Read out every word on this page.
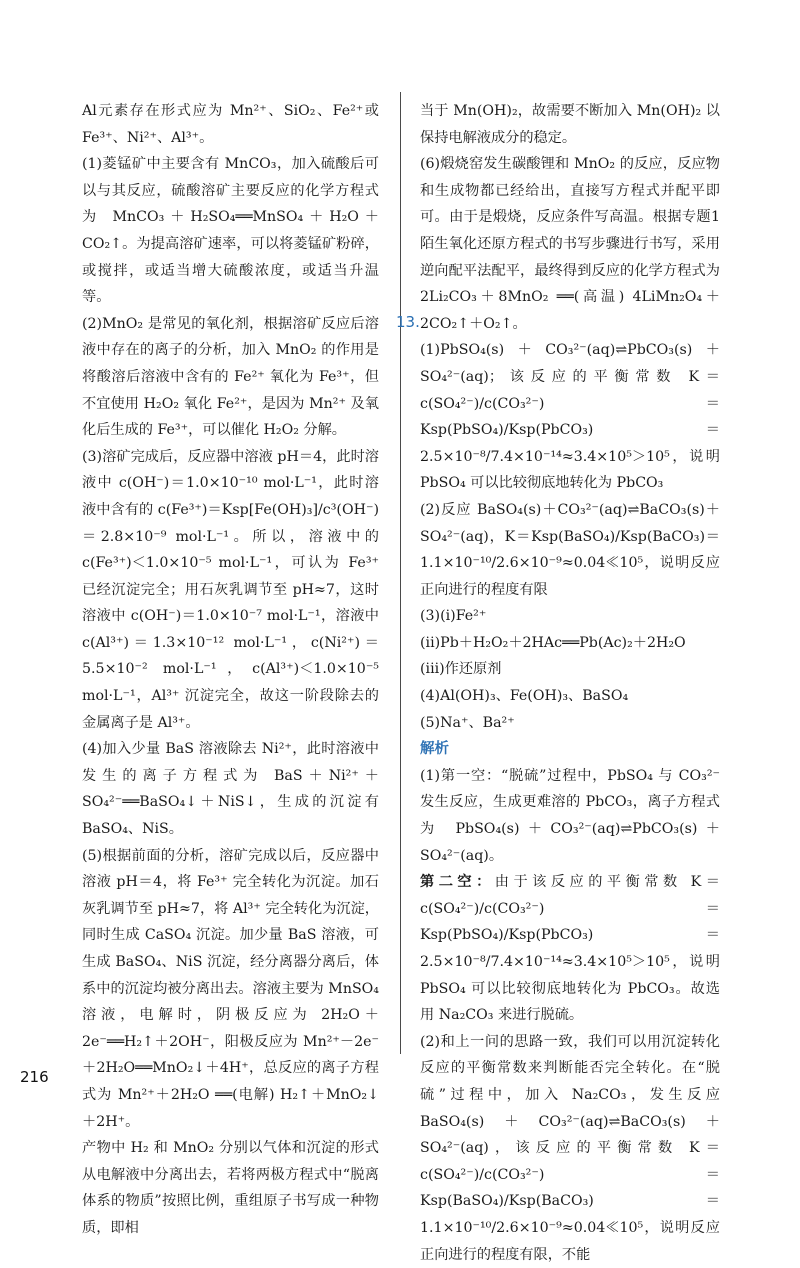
Al元素存在形式应为 Mn²⁺、SiO₂、Fe²⁺或 Fe³⁺、Ni²⁺、Al³⁺。

(1)菱锰矿中主要含有 MnCO₃，加入硫酸后可以与其反应，硫酸溶矿主要反应的化学方程式为 MnCO₃＋H₂SO₄══MnSO₄＋H₂O＋CO₂↑。为提高溶矿速率，可以将菱锰矿粉碎，或搅拌，或适当增大硫酸浓度，或适当升温等。

(2)MnO₂ 是常见的氧化剂，根据溶矿反应后溶液中存在的离子的分析，加入 MnO₂ 的作用是将酸溶后溶液中含有的 Fe²⁺ 氧化为 Fe³⁺，但不宜使用 H₂O₂ 氧化 Fe²⁺，是因为 Mn²⁺ 及氧化后生成的 Fe³⁺，可以催化 H₂O₂ 分解。

(3)溶矿完成后，反应器中溶液 pH＝4，此时溶液中 c(OH⁻)＝1.0×10⁻¹⁰ mol·L⁻¹，此时溶液中含有的 c(Fe³⁺)＝Ksp[Fe(OH)₃]/c³(OH⁻)＝2.8×10⁻⁹ mol·L⁻¹。所以，溶液中的 c(Fe³⁺)＜1.0×10⁻⁵ mol·L⁻¹，可认为 Fe³⁺ 已经沉淀完全；用石灰乳调节至 pH≈7，这时溶液中 c(OH⁻)＝1.0×10⁻⁷ mol·L⁻¹，溶液中 c(Al³⁺)＝1.3×10⁻¹² mol·L⁻¹，c(Ni²⁺)＝5.5×10⁻² mol·L⁻¹，c(Al³⁺)＜1.0×10⁻⁵ mol·L⁻¹，Al³⁺ 沉淀完全，故这一阶段除去的金属离子是 Al³⁺。

(4)加入少量 BaS 溶液除去 Ni²⁺，此时溶液中发生的离子方程式为 BaS＋Ni²⁺＋SO₄²⁻══BaSO₄↓＋NiS↓，生成的沉淀有 BaSO₄、NiS。

(5)根据前面的分析，溶矿完成以后，反应器中溶液 pH＝4，将 Fe³⁺ 完全转化为沉淀。加石灰乳调节至 pH≈7，将 Al³⁺ 完全转化为沉淀，同时生成 CaSO₄ 沉淀。加少量 BaS 溶液，可生成 BaSO₄、NiS 沉淀，经分离器分离后，体系中的沉淀均被分离出去。溶液主要为 MnSO₄ 溶液，电解时，阴极反应为 2H₂O＋2e⁻══H₂↑＋2OH⁻，阳极反应为 Mn²⁺－2e⁻＋2H₂O══MnO₂↓＋4H⁺，总反应的离子方程式为 Mn²⁺＋2H₂O ══(电解) H₂↑＋MnO₂↓＋2H⁺。

产物中 H₂ 和 MnO₂ 分别以气体和沉淀的形式从电解液中分离出去，若将两极方程式中“脱离体系的物质”按照比例，重组原子书写成一种物质，即相

13.

当于 Mn(OH)₂，故需要不断加入 Mn(OH)₂ 以保持电解液成分的稳定。

(6)煅烧窑发生碳酸锂和 MnO₂ 的反应，反应物和生成物都已经给出，直接写方程式并配平即可。由于是煅烧，反应条件写高温。根据专题1陌生氧化还原方程式的书写步骤进行书写，采用逆向配平法配平，最终得到反应的化学方程式为 2Li₂CO₃＋8MnO₂ ══(高温) 4LiMn₂O₄＋2CO₂↑＋O₂↑。

(1)PbSO₄(s)＋CO₃²⁻(aq)⇌PbCO₃(s)＋SO₄²⁻(aq)；该反应的平衡常数 K＝c(SO₄²⁻)/c(CO₃²⁻)＝Ksp(PbSO₄)/Ksp(PbCO₃)＝2.5×10⁻⁸/7.4×10⁻¹⁴≈3.4×10⁵＞10⁵，说明 PbSO₄ 可以比较彻底地转化为 PbCO₃

(2)反应 BaSO₄(s)＋CO₃²⁻(aq)⇌BaCO₃(s)＋SO₄²⁻(aq)，K＝Ksp(BaSO₄)/Ksp(BaCO₃)＝1.1×10⁻¹⁰/2.6×10⁻⁹≈0.04≪10⁵，说明反应正向进行的程度有限

(3)(i)Fe²⁺

(ii)Pb＋H₂O₂＋2HAc══Pb(Ac)₂＋2H₂O

(iii)作还原剂

(4)Al(OH)₃、Fe(OH)₃、BaSO₄

(5)Na⁺、Ba²⁺

解析

(1)第一空：“脱硫”过程中，PbSO₄ 与 CO₃²⁻ 发生反应，生成更难溶的 PbCO₃，离子方程式为 PbSO₄(s)＋CO₃²⁻(aq)⇌PbCO₃(s)＋SO₄²⁻(aq)。

第二空：由于该反应的平衡常数 K＝c(SO₄²⁻)/c(CO₃²⁻)＝Ksp(PbSO₄)/Ksp(PbCO₃)＝2.5×10⁻⁸/7.4×10⁻¹⁴≈3.4×10⁵＞10⁵，说明 PbSO₄ 可以比较彻底地转化为 PbCO₃。故选用 Na₂CO₃ 来进行脱硫。

(2)和上一问的思路一致，我们可以用沉淀转化反应的平衡常数来判断能否完全转化。在“脱硫”过程中，加入 Na₂CO₃，发生反应 BaSO₄(s)＋CO₃²⁻(aq)⇌BaCO₃(s)＋SO₄²⁻(aq)，该反应的平衡常数 K＝c(SO₄²⁻)/c(CO₃²⁻)＝Ksp(BaSO₄)/Ksp(BaCO₃)＝1.1×10⁻¹⁰/2.6×10⁻⁹≈0.04≪10⁵，说明反应正向进行的程度有限，不能

216
